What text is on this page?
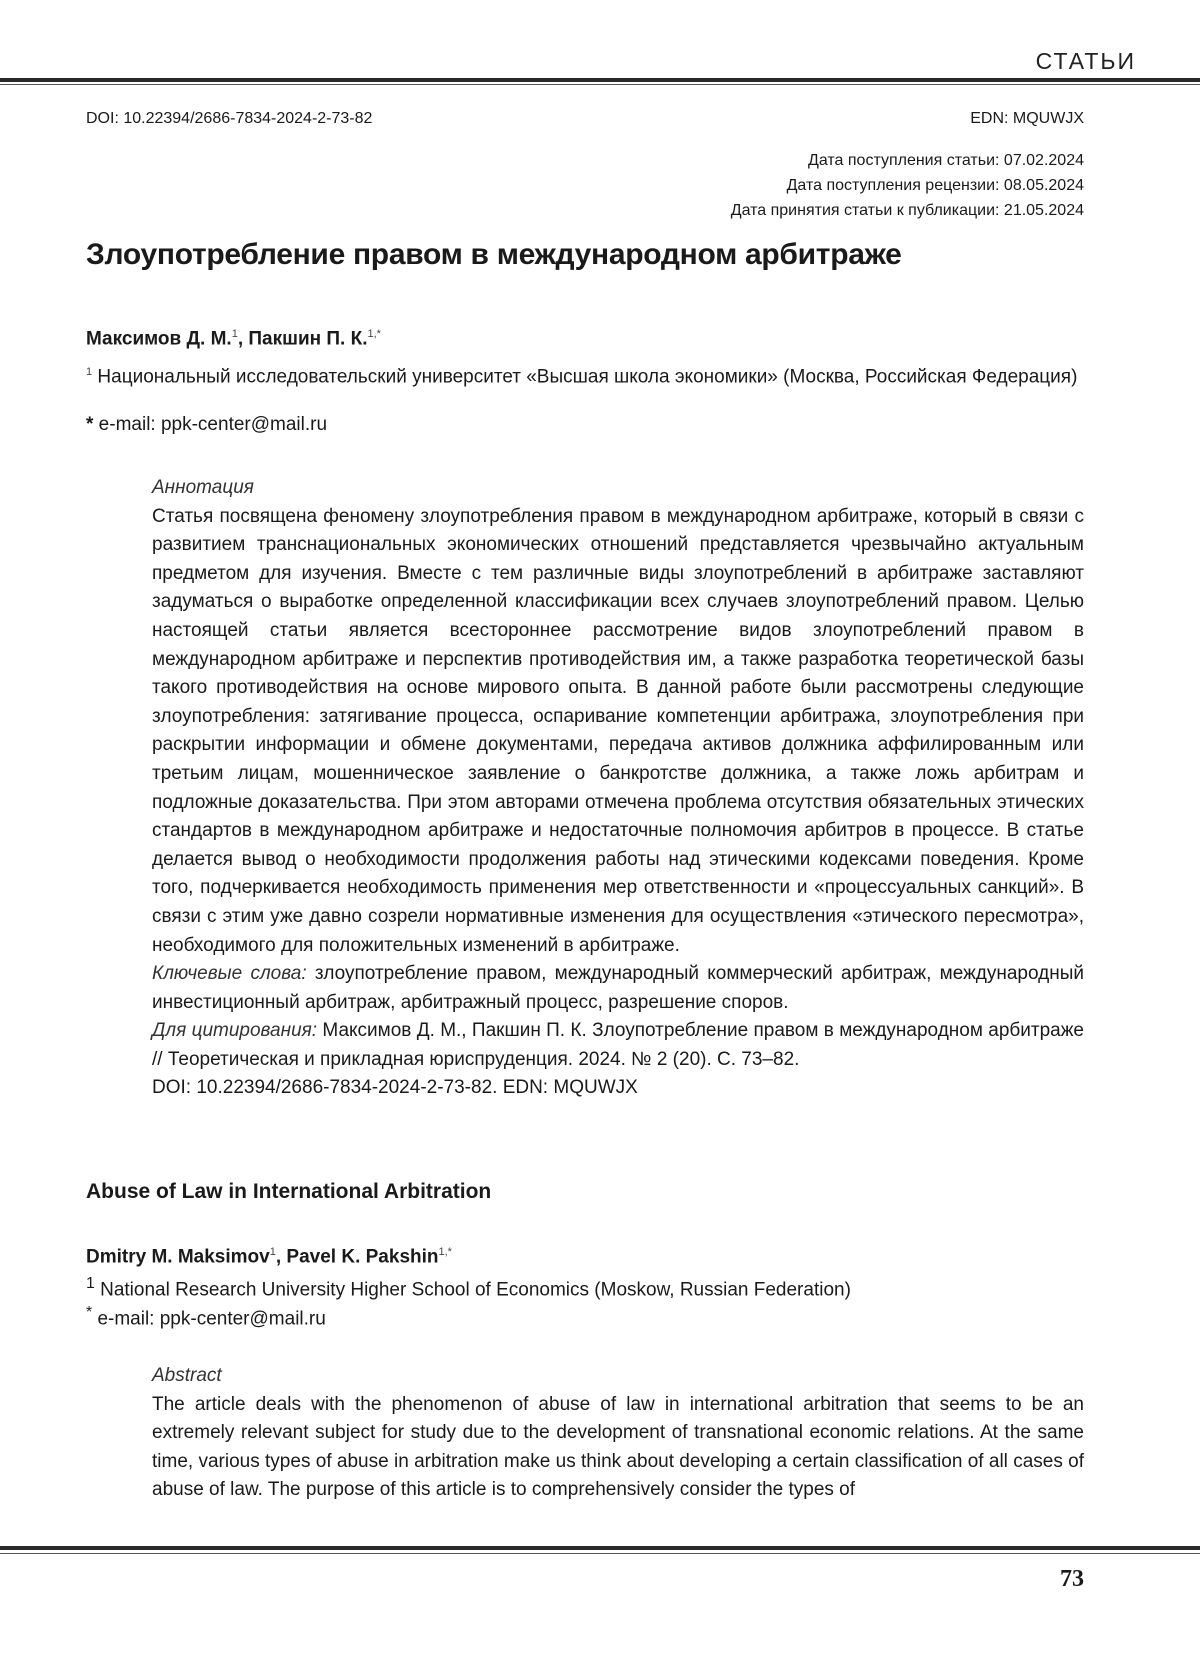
СТАТЬИ
DOI: 10.22394/2686-7834-2024-2-73-82	EDN: MQUWJX
Дата поступления статьи: 07.02.2024
Дата поступления рецензии: 08.05.2024
Дата принятия статьи к публикации: 21.05.2024
Злоупотребление правом в международном арбитраже
Максимов Д. М.1, Пакшин П. К.1,*
1 Национальный исследовательский университет «Высшая школа экономики» (Москва, Российская Федерация)
* e-mail: ppk-center@mail.ru

Аннотация

Статья посвящена феномену злоупотребления правом в международном арбитраже, который в связи с развитием транснациональных экономических отношений представляется чрезвычайно актуальным предметом для изучения. Вместе с тем различные виды злоупотреблений в арбитраже заставляют задуматься о выработке определенной классификации всех случаев злоупотреблений правом. Целью настоящей статьи является всестороннее рассмотрение видов злоупотреблений правом в международном арбитраже и перспектив противодействия им, а также разработка теоретической базы такого противодействия на основе мирового опыта. В данной работе были рассмотрены следующие злоупотребления: затягивание процесса, оспаривание компетенции арбитража, злоупотребления при раскрытии информации и обмене документами, передача активов должника аффилированным или третьим лицам, мошенническое заявление о банкротстве должника, а также ложь арбитрам и подложные доказательства. При этом авторами отмечена проблема отсутствия обязательных этических стандартов в международном арбитраже и недостаточные полномочия арбитров в процессе. В статье делается вывод о необходимости продолжения работы над этическими кодексами поведения. Кроме того, подчеркивается необходимость применения мер ответственности и «процессуальных санкций». В связи с этим уже давно созрели нормативные изменения для осуществления «этического пересмотра», необходимого для положительных изменений в арбитраже.

Ключевые слова: злоупотребление правом, международный коммерческий арбитраж, международный инвестиционный арбитраж, арбитражный процесс, разрешение споров.

Для цитирования: Максимов Д. М., Пакшин П. К. Злоупотребление правом в международном арбитраже // Теоретическая и прикладная юриспруденция. 2024. № 2 (20). С. 73–82.

DOI: 10.22394/2686-7834-2024-2-73-82. EDN: MQUWJX

Abuse of Law in International Arbitration
Dmitry M. Maksimov1, Pavel K. Pakshin1,*
1 National Research University Higher School of Economics (Moskow, Russian Federation)
* e-mail: ppk-center@mail.ru

Abstract

The article deals with the phenomenon of abuse of law in international arbitration that seems to be an extremely relevant subject for study due to the development of transnational economic relations. At the same time, various types of abuse in arbitration make us think about developing a certain classification of all cases of abuse of law. The purpose of this article is to comprehensively consider the types of

73
